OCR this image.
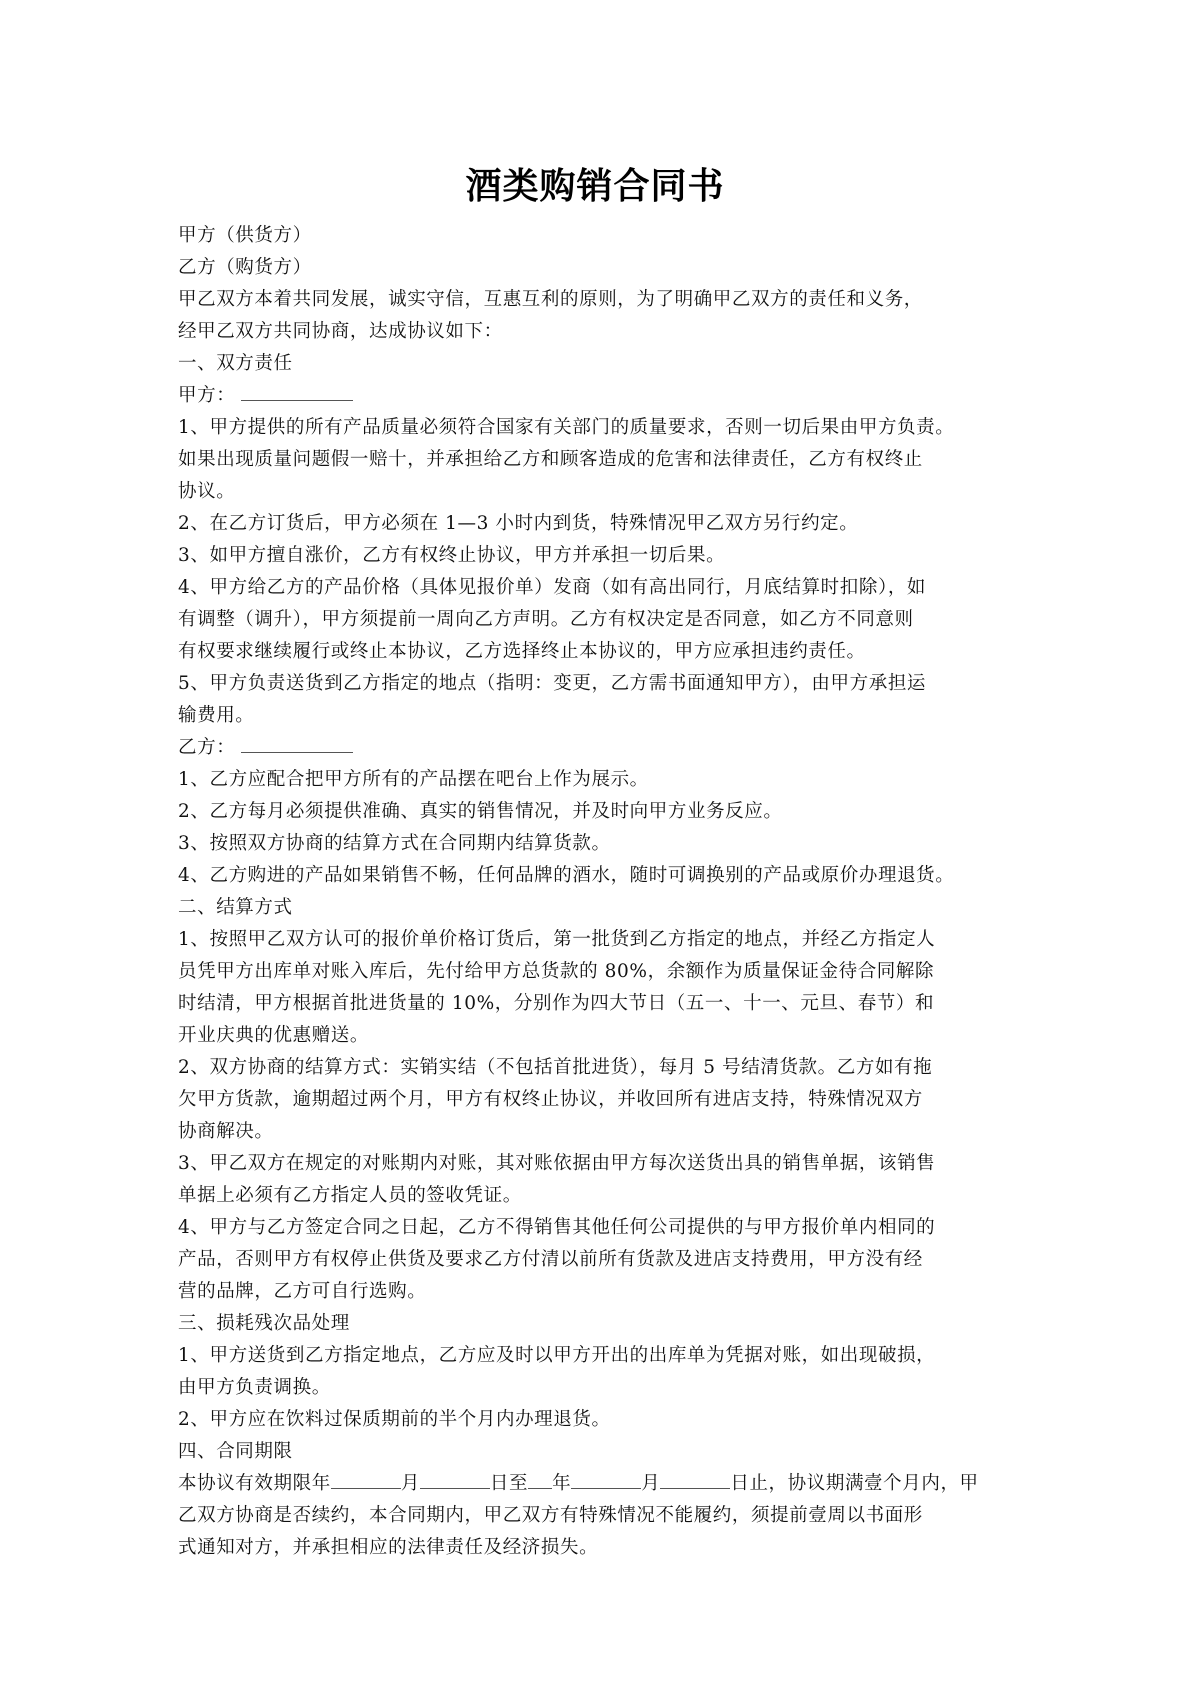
酒类购销合同书
甲方（供货方）
乙方（购货方）
甲乙双方本着共同发展，诚实守信，互惠互利的原则，为了明确甲乙双方的责任和义务，
经甲乙双方共同协商，达成协议如下：
一、双方责任
甲方：
1、甲方提供的所有产品质量必须符合国家有关部门的质量要求，否则一切后果由甲方负责。
如果出现质量问题假一赔十，并承担给乙方和顾客造成的危害和法律责任，乙方有权终止
协议。
2、在乙方订货后，甲方必须在 1—3 小时内到货，特殊情况甲乙双方另行约定。
3、如甲方擅自涨价，乙方有权终止协议，甲方并承担一切后果。
4、甲方给乙方的产品价格（具体见报价单）发商（如有高出同行，月底结算时扣除），如
有调整（调升），甲方须提前一周向乙方声明。乙方有权决定是否同意，如乙方不同意则
有权要求继续履行或终止本协议，乙方选择终止本协议的，甲方应承担违约责任。
5、甲方负责送货到乙方指定的地点（指明：变更，乙方需书面通知甲方），由甲方承担运
输费用。
乙方：
1、乙方应配合把甲方所有的产品摆在吧台上作为展示。
2、乙方每月必须提供准确、真实的销售情况，并及时向甲方业务反应。
3、按照双方协商的结算方式在合同期内结算货款。
4、乙方购进的产品如果销售不畅，任何品牌的酒水，随时可调换别的产品或原价办理退货。
二、结算方式
1、按照甲乙双方认可的报价单价格订货后，第一批货到乙方指定的地点，并经乙方指定人
员凭甲方出库单对账入库后，先付给甲方总货款的 80%，余额作为质量保证金待合同解除
时结清，甲方根据首批进货量的 10%，分别作为四大节日（五一、十一、元旦、春节）和
开业庆典的优惠赠送。
2、双方协商的结算方式：实销实结（不包括首批进货），每月 5 号结清货款。乙方如有拖
欠甲方货款，逾期超过两个月，甲方有权终止协议，并收回所有进店支持，特殊情况双方
协商解决。
3、甲乙双方在规定的对账期内对账，其对账依据由甲方每次送货出具的销售单据，该销售
单据上必须有乙方指定人员的签收凭证。
4、甲方与乙方签定合同之日起，乙方不得销售其他任何公司提供的与甲方报价单内相同的
产品，否则甲方有权停止供货及要求乙方付清以前所有货款及进店支持费用，甲方没有经
营的品牌，乙方可自行选购。
三、损耗残次品处理
1、甲方送货到乙方指定地点，乙方应及时以甲方开出的出库单为凭据对账，如出现破损，
由甲方负责调换。
2、甲方应在饮料过保质期前的半个月内办理退货。
四、合同期限
本协议有效期限年	月	日至 年	月	日止，协议期满壹个月内，甲
乙双方协商是否续约，本合同期内，甲乙双方有特殊情况不能履约，须提前壹周以书面形
式通知对方，并承担相应的法律责任及经济损失。
